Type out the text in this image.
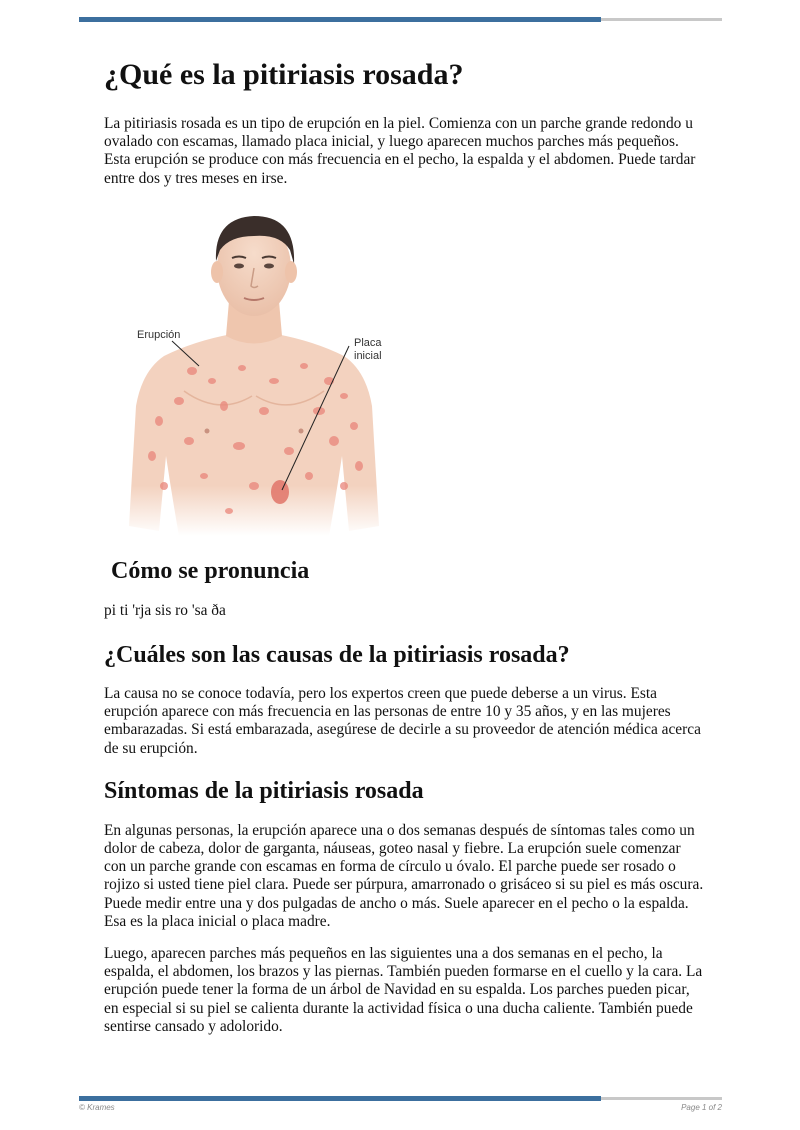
¿Qué es la pitiriasis rosada?

La pitiriasis rosada es un tipo de erupción en la piel. Comienza con un parche grande redondo u ovalado con escamas, llamado placa inicial, y luego aparecen muchos parches más pequeños. Esta erupción se produce con más frecuencia en el pecho, la espalda y el abdomen. Puede tardar entre dos y tres meses en irse.

Erupción
Placa
inicial
Cómo se pronuncia

pi ti 'rja sis ro 'sa ða

¿Cuáles son las causas de la pitiriasis rosada?

La causa no se conoce todavía, pero los expertos creen que puede deberse a un virus. Esta erupción aparece con más frecuencia en las personas de entre 10 y 35 años, y en las mujeres embarazadas. Si está embarazada, asegúrese de decirle a su proveedor de atención médica acerca de su erupción.

Síntomas de la pitiriasis rosada

En algunas personas, la erupción aparece una o dos semanas después de síntomas tales como un dolor de cabeza, dolor de garganta, náuseas, goteo nasal y fiebre. La erupción suele comenzar con un parche grande con escamas en forma de círculo u óvalo. El parche puede ser rosado o rojizo si usted tiene piel clara. Puede ser púrpura, amarronado o grisáceo si su piel es más oscura. Puede medir entre una y dos pulgadas de ancho o más. Suele aparecer en el pecho o la espalda. Esa es la placa inicial o placa madre.

Luego, aparecen parches más pequeños en las siguientes una a dos semanas en el pecho, la espalda, el abdomen, los brazos y las piernas. También pueden formarse en el cuello y la cara. La erupción puede tener la forma de un árbol de Navidad en su espalda. Los parches pueden picar, en especial si su piel se calienta durante la actividad física o una ducha caliente. También puede sentirse cansado y adolorido.

© Krames	Page 1 of 2
